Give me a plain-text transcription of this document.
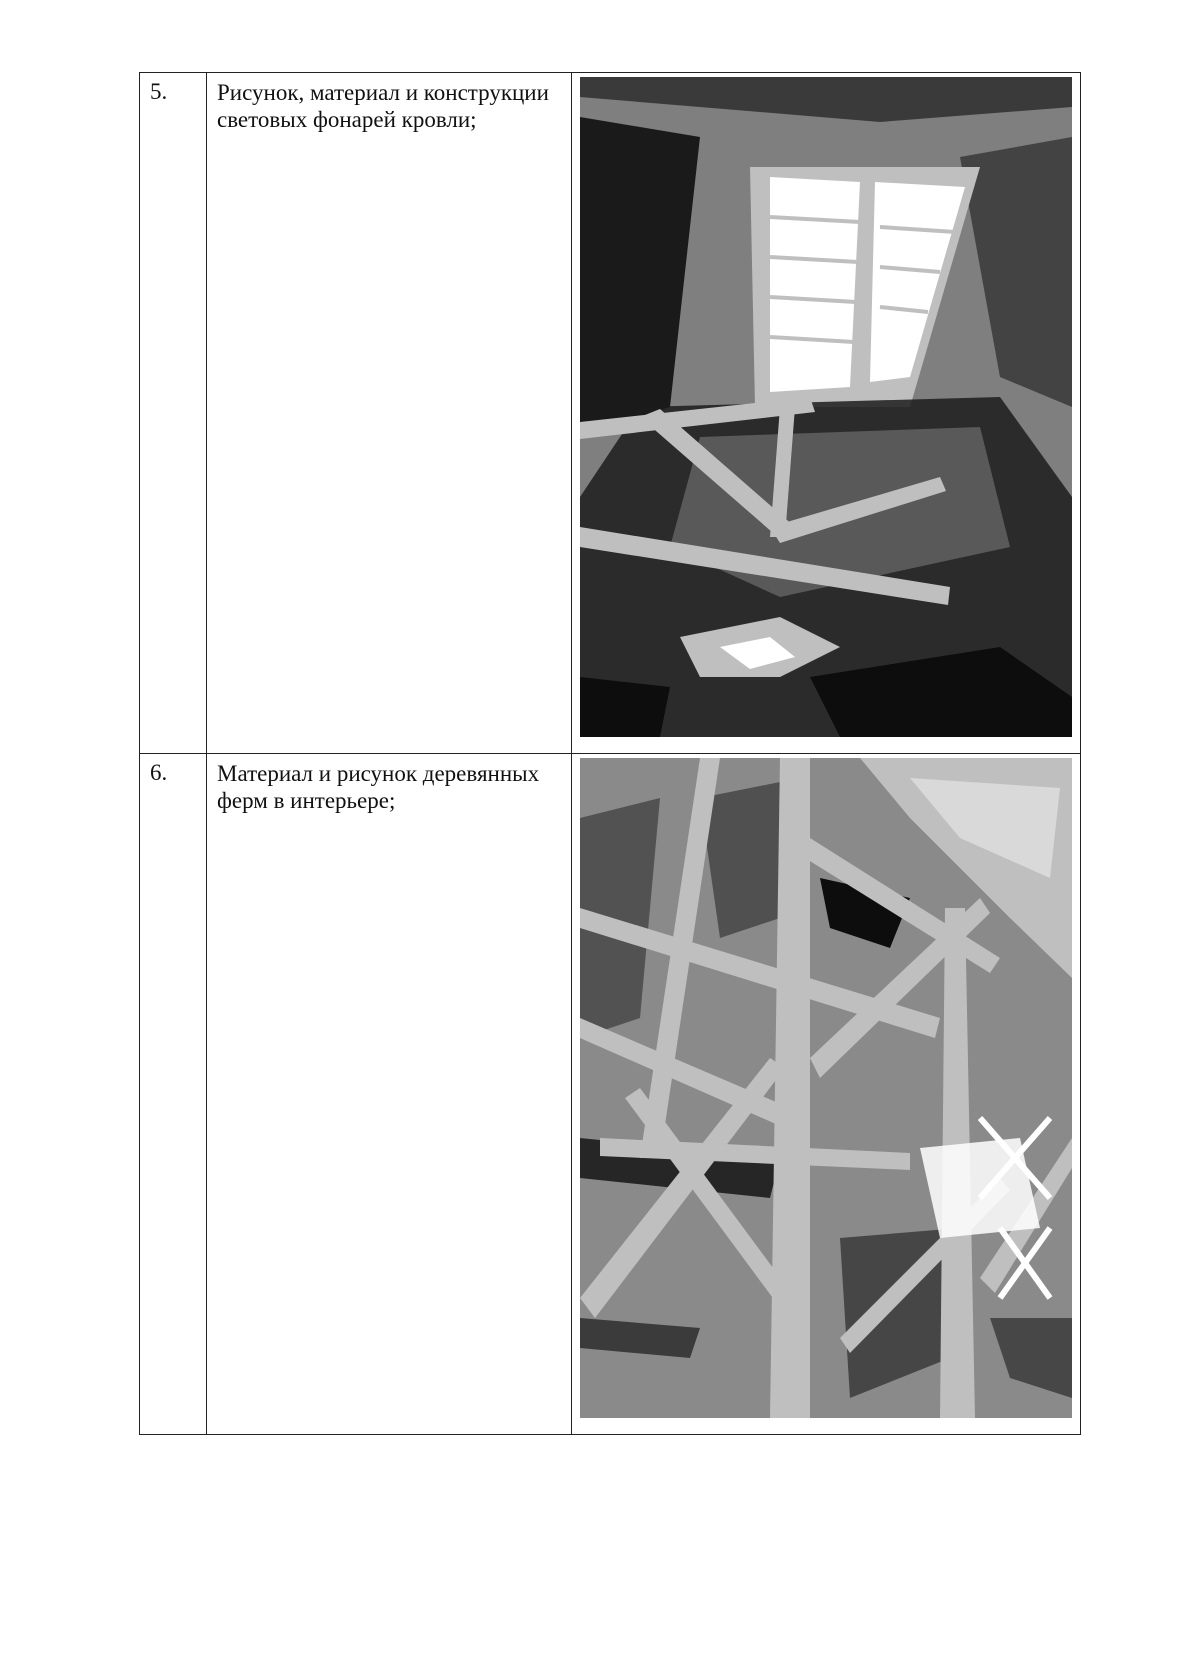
5.	Рисунок, материал и конструкции световых фонарей кровли;

6.	Материал и рисунок деревянных ферм в интерьере;
